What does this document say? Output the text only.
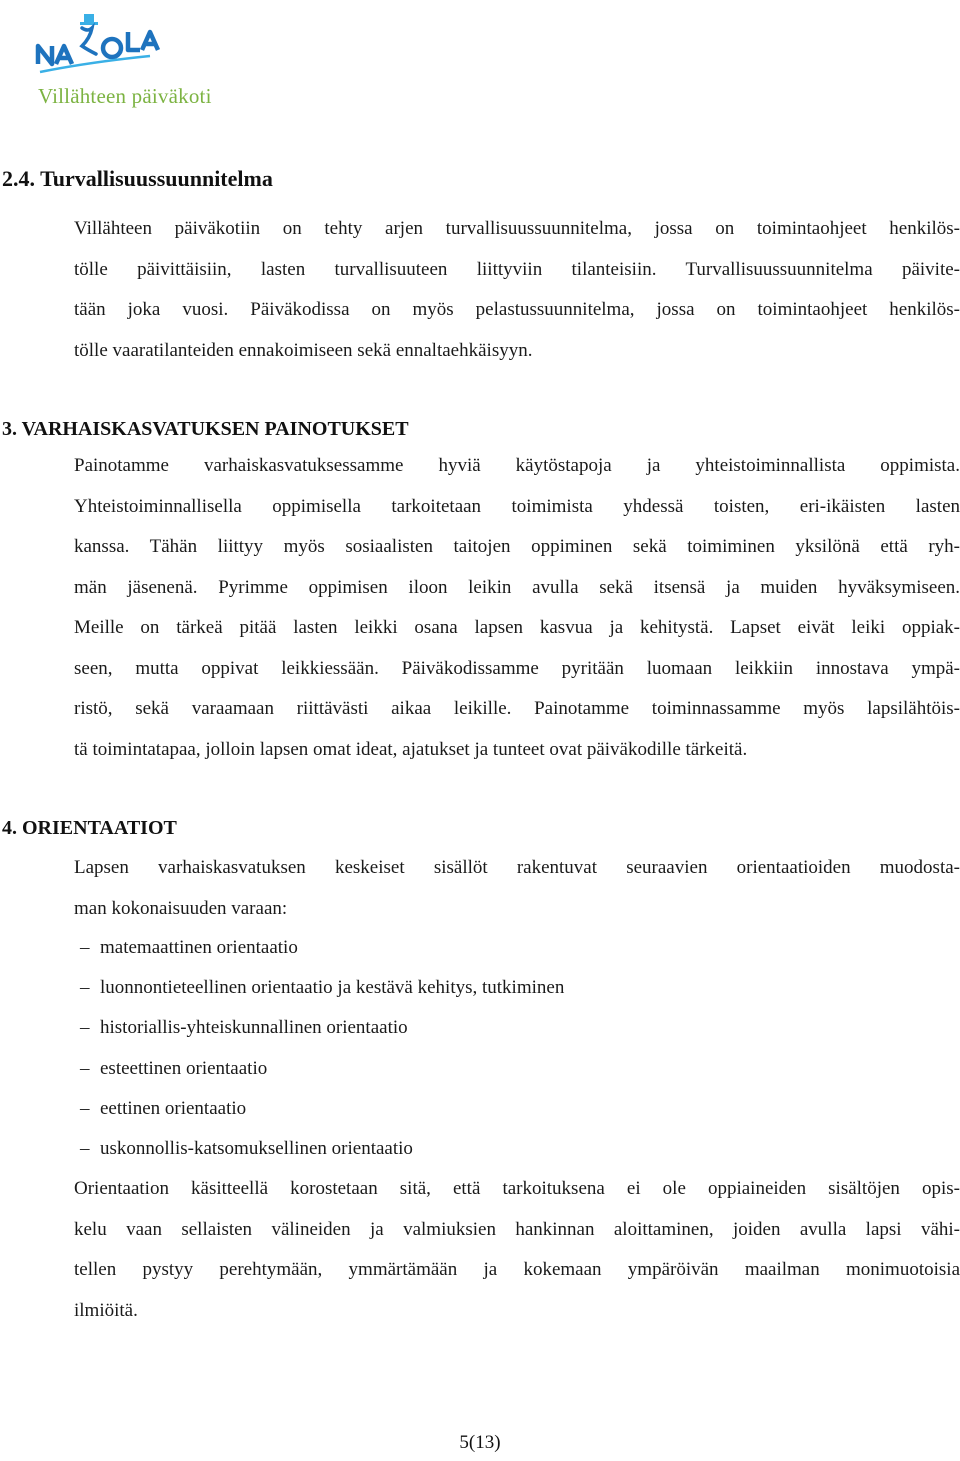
Villähteen päiväkoti
2.4. Turvallisuussuunnitelma
Villähteen päiväkotiin on tehty arjen turvallisuussuunnitelma, jossa on toimintaohjeet henkilös-
tölle päivittäisiin, lasten turvallisuuteen liittyviin tilanteisiin. Turvallisuussuunnitelma päivite-
tään joka vuosi. Päiväkodissa on myös pelastussuunnitelma, jossa on toimintaohjeet henkilös-
tölle vaaratilanteiden ennakoimiseen sekä ennaltaehkäisyyn.
3. VARHAISKASVATUKSEN PAINOTUKSET
Painotamme varhaiskasvatuksessamme hyviä käytöstapoja ja yhteistoiminnallista oppimista.
Yhteistoiminnallisella oppimisella tarkoitetaan toimimista yhdessä toisten, eri-ikäisten lasten
kanssa. Tähän liittyy myös sosiaalisten taitojen oppiminen sekä toimiminen yksilönä että ryh-
män jäsenenä. Pyrimme oppimisen iloon leikin avulla sekä itsensä ja muiden hyväksymiseen.
Meille on tärkeä pitää lasten leikki osana lapsen kasvua ja kehitystä. Lapset eivät leiki oppiak-
seen, mutta oppivat leikkiessään. Päiväkodissamme pyritään luomaan leikkiin innostava ympä-
ristö, sekä varaamaan riittävästi aikaa leikille. Painotamme toiminnassamme myös lapsilähtöis-
tä toimintatapaa, jolloin lapsen omat ideat, ajatukset ja tunteet ovat päiväkodille tärkeitä.
4. ORIENTAATIOT
Lapsen varhaiskasvatuksen keskeiset sisällöt rakentuvat seuraavien orientaatioiden muodosta-
man kokonaisuuden varaan:
– matemaattinen orientaatio
– luonnontieteellinen orientaatio ja kestävä kehitys, tutkiminen
– historiallis-yhteiskunnallinen orientaatio
– esteettinen orientaatio
– eettinen orientaatio
– uskonnollis-katsomuksellinen orientaatio
Orientaation käsitteellä korostetaan sitä, että tarkoituksena ei ole oppiaineiden sisältöjen opis-
kelu vaan sellaisten välineiden ja valmiuksien hankinnan aloittaminen, joiden avulla lapsi vähi-
tellen pystyy perehtymään, ymmärtämään ja kokemaan ympäröivän maailman monimuotoisia
ilmiöitä.
5(13)
